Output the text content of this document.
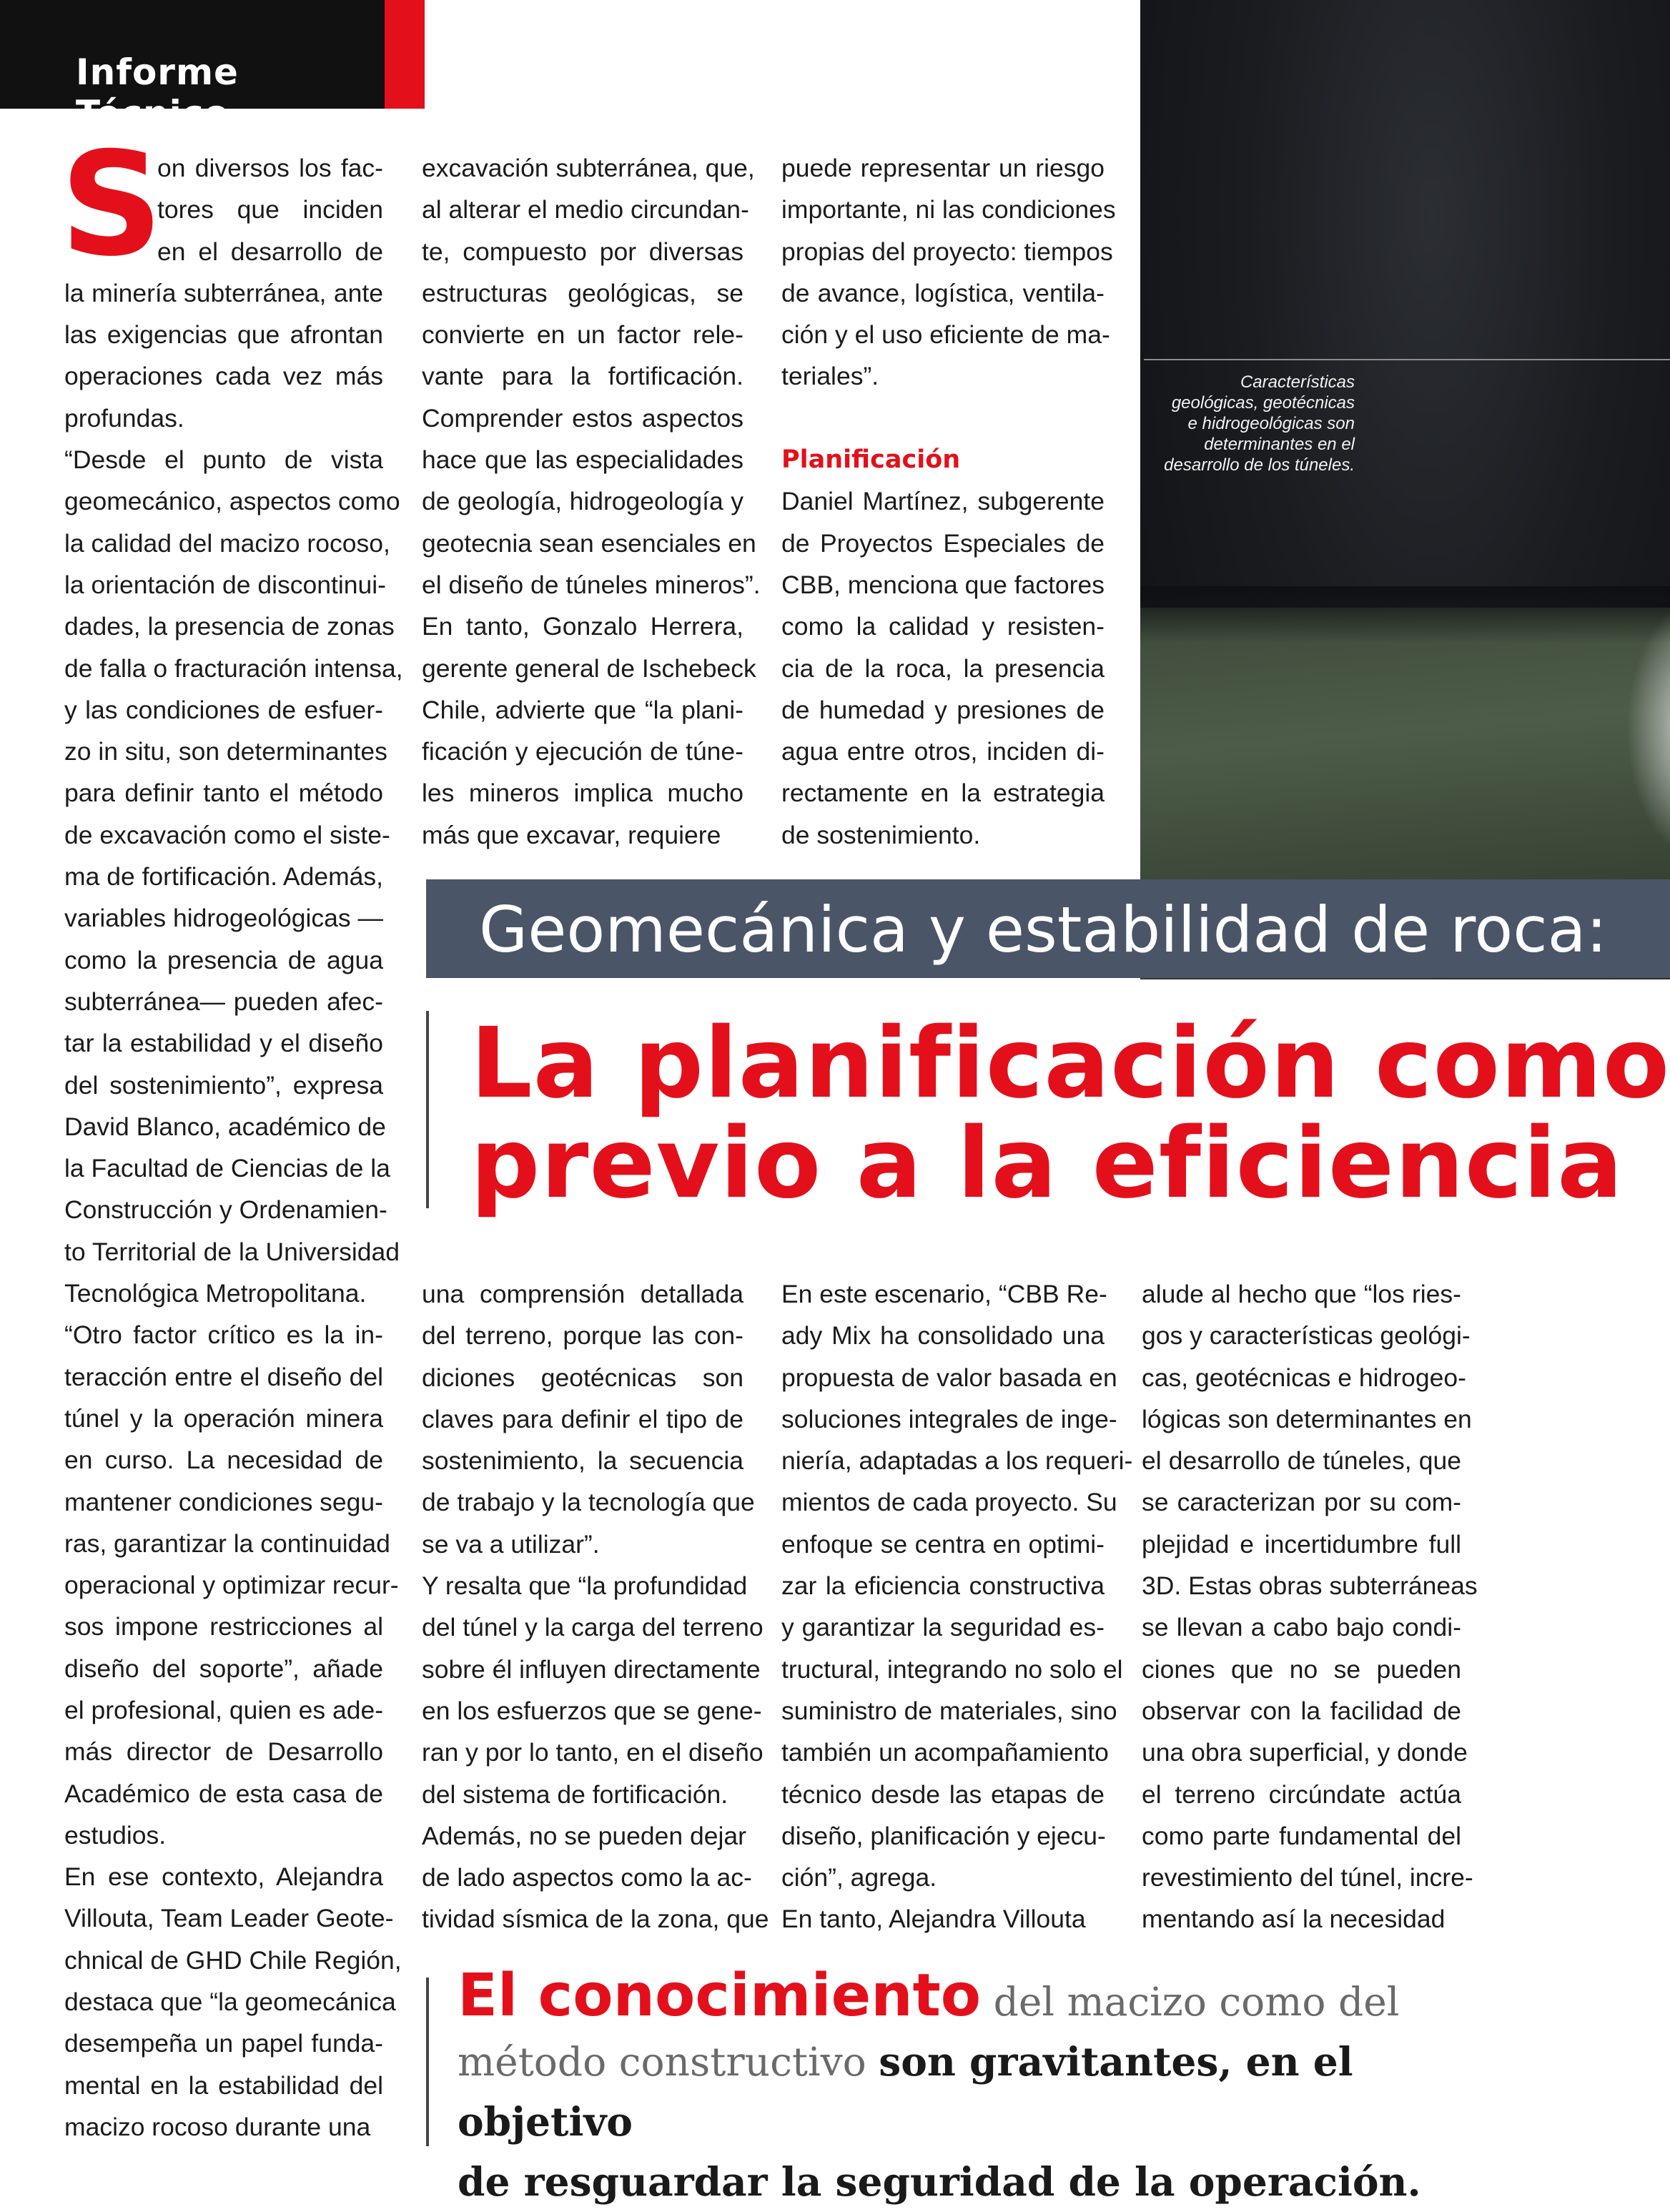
Informe Técnico
Características
geológicas, geotécnicas
e hidrogeológicas son
determinantes en el
desarrollo de los túneles.
S
on diversos los fac-
tores que inciden
en el desarrollo de
la minería subterránea, ante
las exigencias que afrontan
operaciones cada vez más
profundas.
“Desde el punto de vista
geomecánico, aspectos como
la calidad del macizo rocoso,
la orientación de discontinui-
dades, la presencia de zonas
de falla o fracturación intensa,
y las condiciones de esfuer-
zo in situ, son determinantes
para definir tanto el método
de excavación como el siste-
ma de fortificación. Además,
variables hidrogeológicas —
como la presencia de agua
subterránea— pueden afec-
tar la estabilidad y el diseño
del sostenimiento”, expresa
David Blanco, académico de
la Facultad de Ciencias de la
Construcción y Ordenamien-
to Territorial de la Universidad
Tecnológica Metropolitana.
“Otro factor crítico es la in-
teracción entre el diseño del
túnel y la operación minera
en curso. La necesidad de
mantener condiciones segu-
ras, garantizar la continuidad
operacional y optimizar recur-
sos impone restricciones al
diseño del soporte”, añade
el profesional, quien es ade-
más director de Desarrollo
Académico de esta casa de
estudios.
En ese contexto, Alejandra
Villouta, Team Leader Geote-
chnical de GHD Chile Región,
destaca que “la geomecánica
desempeña un papel funda-
mental en la estabilidad del
macizo rocoso durante una
excavación subterránea, que,
al alterar el medio circundan-
te, compuesto por diversas
estructuras geológicas, se
convierte en un factor rele-
vante para la fortificación.
Comprender estos aspectos
hace que las especialidades
de geología, hidrogeología y
geotecnia sean esenciales en
el diseño de túneles mineros”.
En tanto, Gonzalo Herrera,
gerente general de Ischebeck
Chile, advierte que “la plani-
ficación y ejecución de túne-
les mineros implica mucho
más que excavar, requiere
puede representar un riesgo
importante, ni las condiciones
propias del proyecto: tiempos
de avance, logística, ventila-
ción y el uso eficiente de ma-
teriales”.
Planificación
Daniel Martínez, subgerente
de Proyectos Especiales de
CBB, menciona que factores
como la calidad y resisten-
cia de la roca, la presencia
de humedad y presiones de
agua entre otros, inciden di-
rectamente en la estrategia
de sostenimiento.
Geomecánica y estabilidad de roca:
La planificación como
previo a la eficiencia
una comprensión detallada
del terreno, porque las con-
diciones geotécnicas son
claves para definir el tipo de
sostenimiento, la secuencia
de trabajo y la tecnología que
se va a utilizar”.
Y resalta que “la profundidad
del túnel y la carga del terreno
sobre él influyen directamente
en los esfuerzos que se gene-
ran y por lo tanto, en el diseño
del sistema de fortificación.
Además, no se pueden dejar
de lado aspectos como la ac-
tividad sísmica de la zona, que
En este escenario, “CBB Re-
ady Mix ha consolidado una
propuesta de valor basada en
soluciones integrales de inge-
niería, adaptadas a los requeri-
mientos de cada proyecto. Su
enfoque se centra en optimi-
zar la eficiencia constructiva
y garantizar la seguridad es-
tructural, integrando no solo el
suministro de materiales, sino
también un acompañamiento
técnico desde las etapas de
diseño, planificación y ejecu-
ción”, agrega.
En tanto, Alejandra Villouta
alude al hecho que “los ries-
gos y características geológi-
cas, geotécnicas e hidrogeo-
lógicas son determinantes en
el desarrollo de túneles, que
se caracterizan por su com-
plejidad e incertidumbre full
3D. Estas obras subterráneas
se llevan a cabo bajo condi-
ciones que no se pueden
observar con la facilidad de
una obra superficial, y donde
el terreno circúndate actúa
como parte fundamental del
revestimiento del túnel, incre-
mentando así la necesidad
El conocimiento del macizo como del
método constructivo son gravitantes, en el objetivo
de resguardar la seguridad de la operación.
